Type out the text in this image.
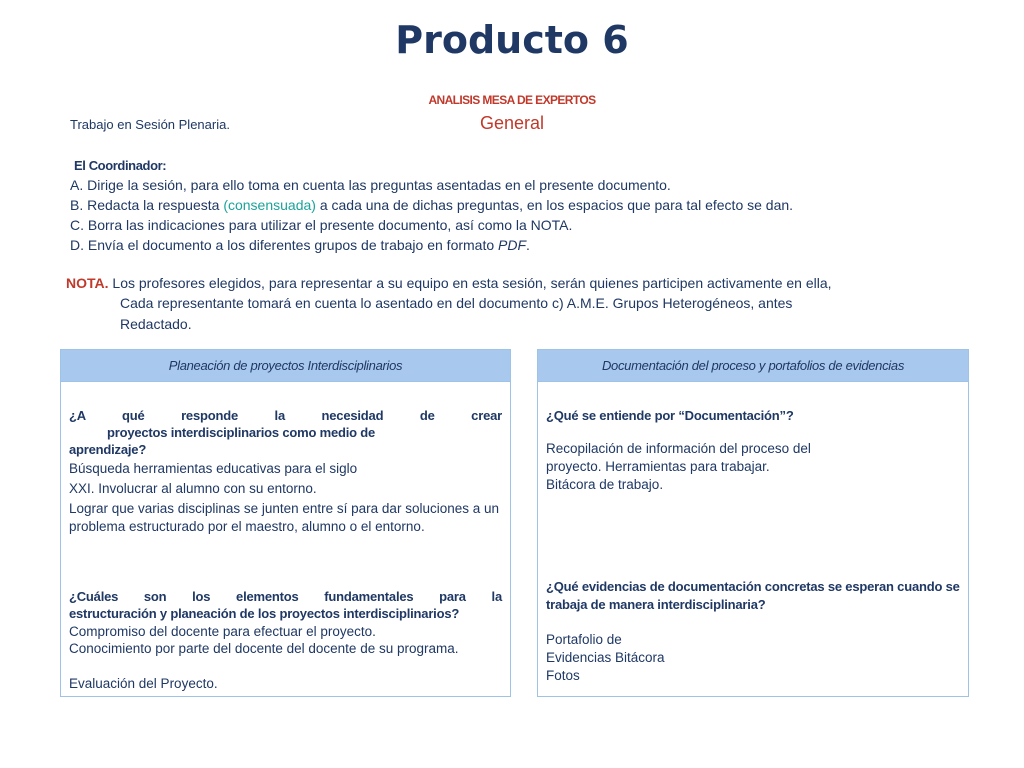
Producto 6
ANALISIS MESA DE EXPERTOS
Trabajo en Sesión Plenaria.	General
El Coordinador:
A. Dirige la sesión, para ello toma en cuenta las preguntas asentadas en el presente documento.
B. Redacta la respuesta (consensuada) a cada una de dichas preguntas, en los espacios que para tal efecto se dan.
C. Borra las indicaciones para utilizar el presente documento, así como la NOTA.
D. Envía el documento a los diferentes grupos de trabajo en formato PDF.
NOTA. Los profesores elegidos, para representar a su equipo en esta sesión, serán quienes participen activamente en ella,
Cada representante tomará en cuenta lo asentado en del documento c) A.M.E. Grupos Heterogéneos, antes
Redactado.
Planeación de proyectos Interdisciplinarios
¿A qué responde la necesidad de crear
proyectos interdisciplinarios como medio de
aprendizaje?
Búsqueda herramientas educativas para el siglo
XXI. Involucrar al alumno con su entorno.
Lograr que varias disciplinas se junten entre sí para dar soluciones a un problema estructurado por el maestro, alumno o el entorno.
¿Cuáles son los elementos fundamentales para la
estructuración y planeación de los proyectos interdisciplinarios?
Compromiso del docente para efectuar el proyecto.
Conocimiento por parte del docente del docente de su programa.
Evaluación del Proyecto.
Documentación del proceso y portafolios de evidencias
¿Qué se entiende por “Documentación”?
Recopilación de información del proceso del
proyecto. Herramientas para trabajar.
Bitácora de trabajo.
¿Qué evidencias de documentación concretas se esperan cuando se trabaja de manera interdisciplinaria?
Portafolio de
Evidencias Bitácora
Fotos
